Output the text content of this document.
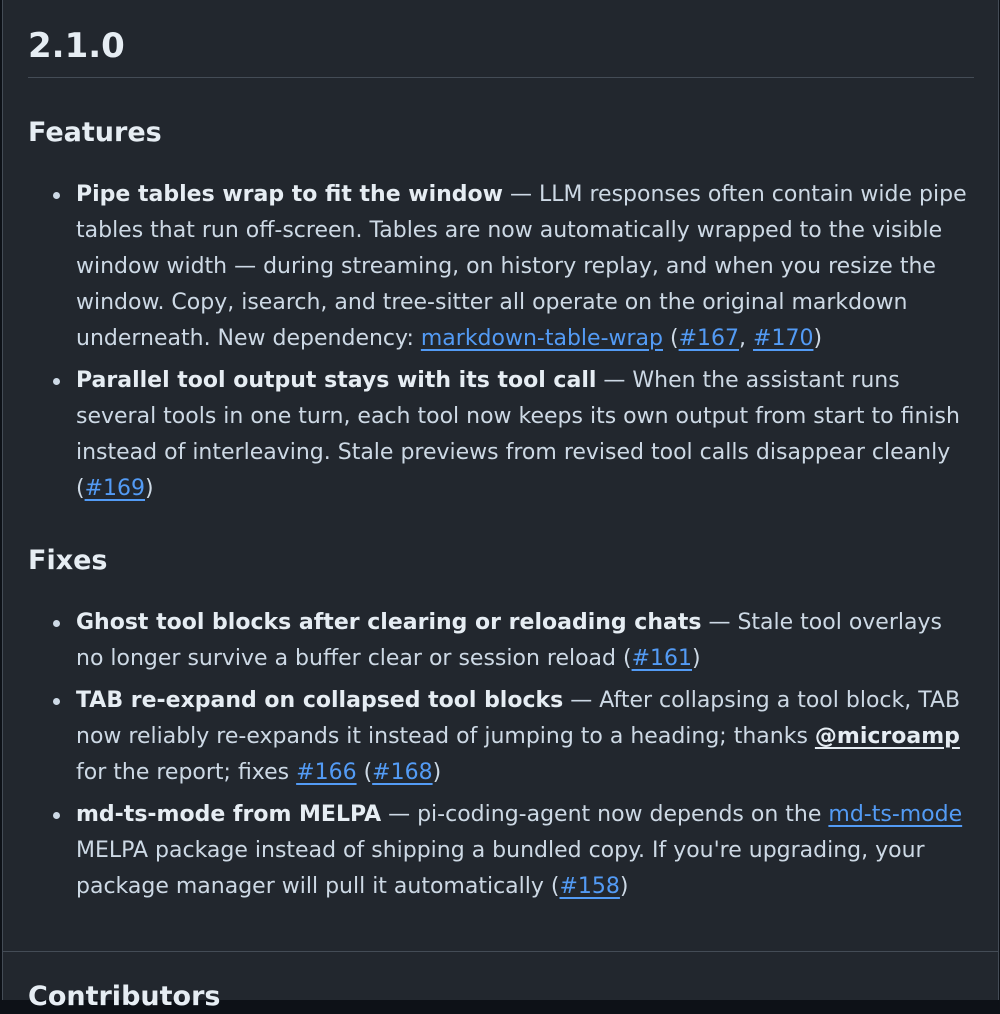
2.1.0
Features
Pipe tables wrap to fit the window — LLM responses often contain wide pipe tables that run off-screen. Tables are now automatically wrapped to the visible window width — during streaming, on history replay, and when you resize the window. Copy, isearch, and tree-sitter all operate on the original markdown underneath. New dependency: markdown-table-wrap (#167, #170)
Parallel tool output stays with its tool call — When the assistant runs several tools in one turn, each tool now keeps its own output from start to finish instead of interleaving. Stale previews from revised tool calls disappear cleanly (#169)
Fixes
Ghost tool blocks after clearing or reloading chats — Stale tool overlays no longer survive a buffer clear or session reload (#161)
TAB re-expand on collapsed tool blocks — After collapsing a tool block, TAB now reliably re-expands it instead of jumping to a heading; thanks @microamp for the report; fixes #166 (#168)
md-ts-mode from MELPA — pi-coding-agent now depends on the md-ts-mode MELPA package instead of shipping a bundled copy. If you're upgrading, your package manager will pull it automatically (#158)
Contributors
